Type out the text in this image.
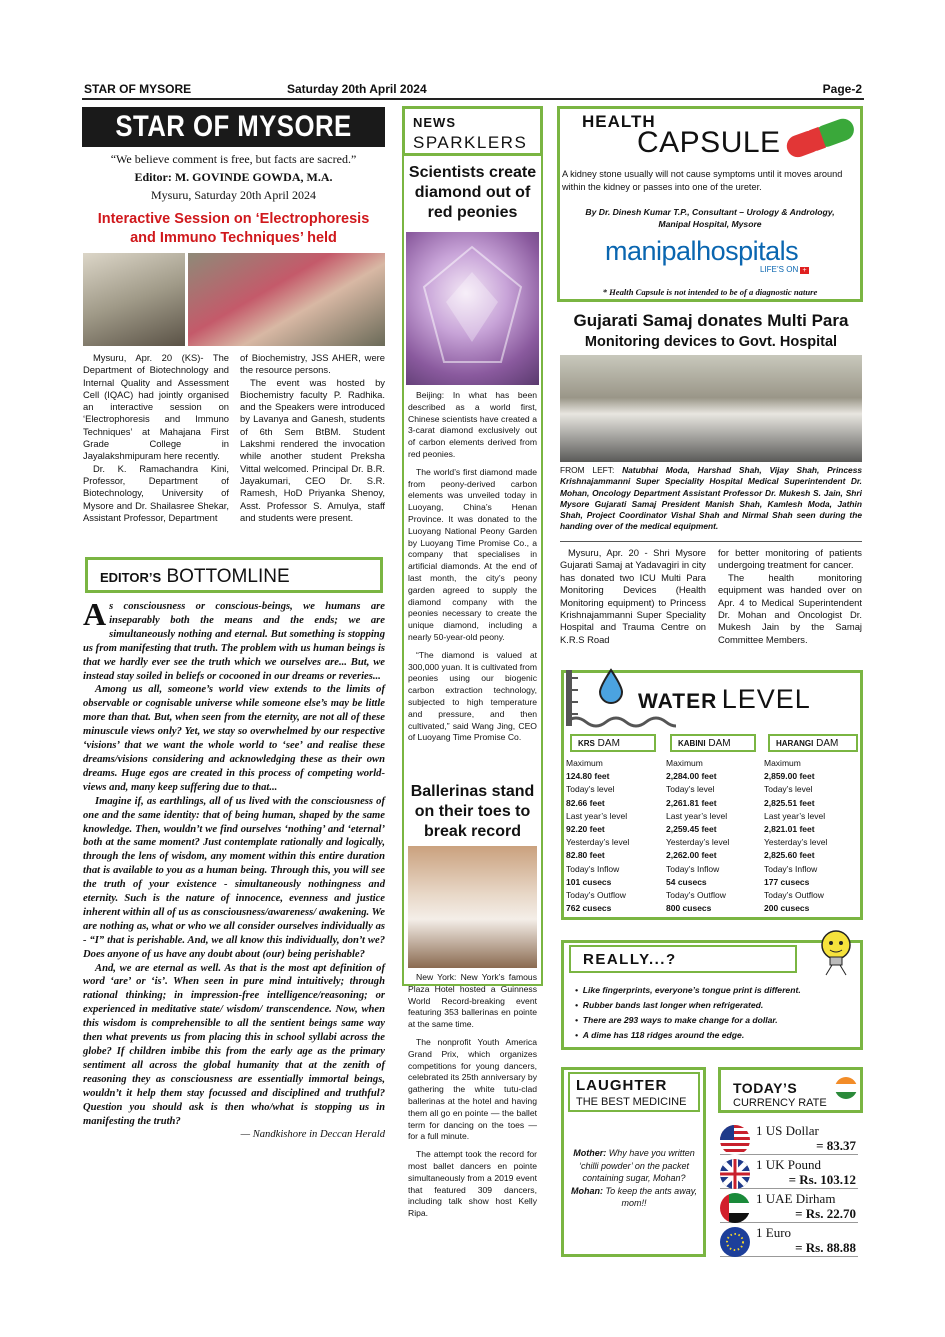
STAR OF MYSORE	Saturday 20th April 2024	Page-2
STAR OF MYSORE
“We believe comment is free, but facts are sacred.”
Editor: M. GOVINDE GOWDA, M.A.
Mysuru, Saturday 20th April 2024
Interactive Session on ‘Electrophoresis
and Immuno Techniques’ held

Mysuru, Apr. 20 (KS)- The Department of Biotechnology and Internal Quality and Assessment Cell (IQAC) had jointly organised an interactive session on ‘Electrophoresis and Immuno Techniques’ at Mahajana First Grade College in Jayalakshmipuram here recently.

Dr. K. Ramachandra Kini, Professor, Department of Biotechnology, University of Mysore and Dr. Shailasree Shekar, Assistant Professor, Department

of Biochemistry, JSS AHER, were the resource persons.

The event was hosted by Biochemistry faculty P. Radhika. and the Speakers were introduced by Lavanya and Ganesh, students of 6th Sem BtBM. Student Lakshmi rendered the invocation while another student Preksha Vittal welcomed. Principal Dr. B.R. Jayakumari, CEO Dr. S.R. Ramesh, HoD Priyanka Shenoy, Asst. Professor S. Amulya, staff and students were present.

EDITOR’S BOTTOMLINE

As consciousness or conscious-beings, we humans are inseparably both the means and the ends; we are simultaneously nothing and eternal. But something is stopping us from manifesting that truth. The problem with us human beings is that we hardly ever see the truth which we ourselves are... But, we instead stay soiled in beliefs or cocooned in our dreams or reveries...

Among us all, someone’s world view extends to the limits of observable or cognisable universe while someone else’s may be little more than that. But, when seen from the eternity, are not all of these minuscule views only? Yet, we stay so overwhelmed by our respective ‘visions’ that we want the whole world to ‘see’ and realise these dreams/visions considering and acknowledging these as their own dreams. Huge egos are created in this process of competing world-views and, many keep suffering due to that...

Imagine if, as earthlings, all of us lived with the consciousness of one and the same identity: that of being human, shaped by the same knowledge. Then, wouldn’t we find ourselves ‘nothing’ and ‘eternal’ both at the same moment? Just contemplate rationally and logically, through the lens of wisdom, any moment within this entire duration that is available to you as a human being. Through this, you will see the truth of your existence - simultaneously nothingness and eternity. Such is the nature of innocence, evenness and justice inherent within all of us as consciousness/awareness/ awakening. We are nothing as, what or who we all consider ourselves individually as - “I” that is perishable. And, we all know this individually, don’t we? Does anyone of us have any doubt about (our) being perishable?

And, we are eternal as well. As that is the most apt definition of word ‘are’ or ‘is’. When seen in pure mind intuitively; through rational thinking; in impression-free intelligence/reasoning; or experienced in meditative state/ wisdom/ transcendence. Now, when this wisdom is comprehensible to all the sentient beings same way then what prevents us from placing this in school syllabi across the globe? If children imbibe this from the early age as the primary sentiment all across the global humanity that at the zenith of reasoning they as consciousness are essentially immortal beings, wouldn’t it help them stay focussed and disciplined and truthful? Question you should ask is then who/what is stopping us in manifesting the truth?

— Nandkishore in Deccan Herald

NEWS
SPARKLERS
Scientists create diamond out of red peonies

Beijing: In what has been described as a world first, Chinese scientists have created a 3-carat diamond exclusively out of carbon elements derived from red peonies.

The world’s first diamond made from peony-derived carbon elements was unveiled today in Luoyang, China’s Henan Province. It was donated to the Luoyang National Peony Garden by Luoyang Time Promise Co., a company that specialises in artificial diamonds. At the end of last month, the city’s peony garden agreed to supply the diamond company with the peonies necessary to create the unique diamond, including a nearly 50-year-old peony.

“The diamond is valued at 300,000 yuan. It is cultivated from peonies using our biogenic carbon extraction technology, subjected to high temperature and pressure, and then cultivated,” said Wang Jing, CEO of Luoyang Time Promise Co.

Ballerinas stand on their toes to break record

New York: New York’s famous Plaza Hotel hosted a Guinness World Record-breaking event featuring 353 ballerinas en pointe at the same time.

The nonprofit Youth America Grand Prix, which organizes competitions for young dancers, celebrated its 25th anniversary by gathering the white tutu-clad ballerinas at the hotel and having them all go en pointe — the ballet term for dancing on the toes — for a full minute.

The attempt took the record for most ballet dancers en pointe simultaneously from a 2019 event that featured 309 dancers, including talk show host Kelly Ripa.

HEALTH
CAPSULE
A kidney stone usually will not cause symptoms until it moves around within the kidney or passes into one of the ureter.
By Dr. Dinesh Kumar T.P., Consultant – Urology & Andrology,
Manipal Hospital, Mysore
manipalhospitals
LIFE’S ON +
* Health Capsule is not intended to be of a diagnostic nature
Gujarati Samaj donates Multi Para
Monitoring devices to Govt. Hospital
FROM LEFT: Natubhai Moda, Harshad Shah, Vijay Shah, Princess Krishnajammanni Super Speciality Hospital Medical Superintendent Dr. Mohan, Oncology Department Assistant Professor Dr. Mukesh S. Jain, Shri Mysore Gujarati Samaj President Manish Shah, Kamlesh Moda, Jathin Shah, Project Coordinator Vishal Shah and Nirmal Shah seen during the handing over of the medical equipment.

Mysuru, Apr. 20 - Shri Mysore Gujarati Samaj at Yadavagiri in city has donated two ICU Multi Para Monitoring Devices (Health Monitoring equipment) to Princess Krishnajammanni Super Speciality Hospital and Trauma Centre on K.R.S Road

for better monitoring of patients undergoing treatment for cancer.

The health monitoring equipment was handed over on Apr. 4 to Medical Superintendent Dr. Mohan and Oncologist Dr. Mukesh Jain by the Samaj Committee Members.

WATER LEVEL
KRS DAM
Maximum
124.80 feet
Today’s level
82.66 feet
Last year’s level
92.20 feet
Yesterday’s level
82.80 feet
Today’s Inflow
101 cusecs
Today’s Outflow
762 cusecs
KABINI DAM
Maximum
2,284.00 feet
Today’s level
2,261.81 feet
Last year’s level
2,259.45 feet
Yesterday’s level
2,262.00 feet
Today’s Inflow
54 cusecs
Today’s Outflow
800 cusecs
HARANGI DAM
Maximum
2,859.00 feet
Today’s level
2,825.51 feet
Last year’s level
2,821.01 feet
Yesterday’s level
2,825.60 feet
Today’s Inflow
177 cusecs
Today’s Outflow
200 cusecs
REALLY...?
•  Like fingerprints, everyone’s tongue print is different.
•  Rubber bands last longer when refrigerated.
•  There are 293 ways to make change for a dollar.
•  A dime has 118 ridges around the edge.
LAUGHTER
THE BEST MEDICINE

Mother: Why have you written ‘chilli powder’ on the packet containing sugar, Mohan?

Mohan: To keep the ants away, mom!!

TODAY’S
CURRENCY RATE
1 US Dollar
= 83.37
1 UK Pound
= Rs. 103.12
1 UAE Dirham
= Rs. 22.70
1 Euro
= Rs. 88.88
